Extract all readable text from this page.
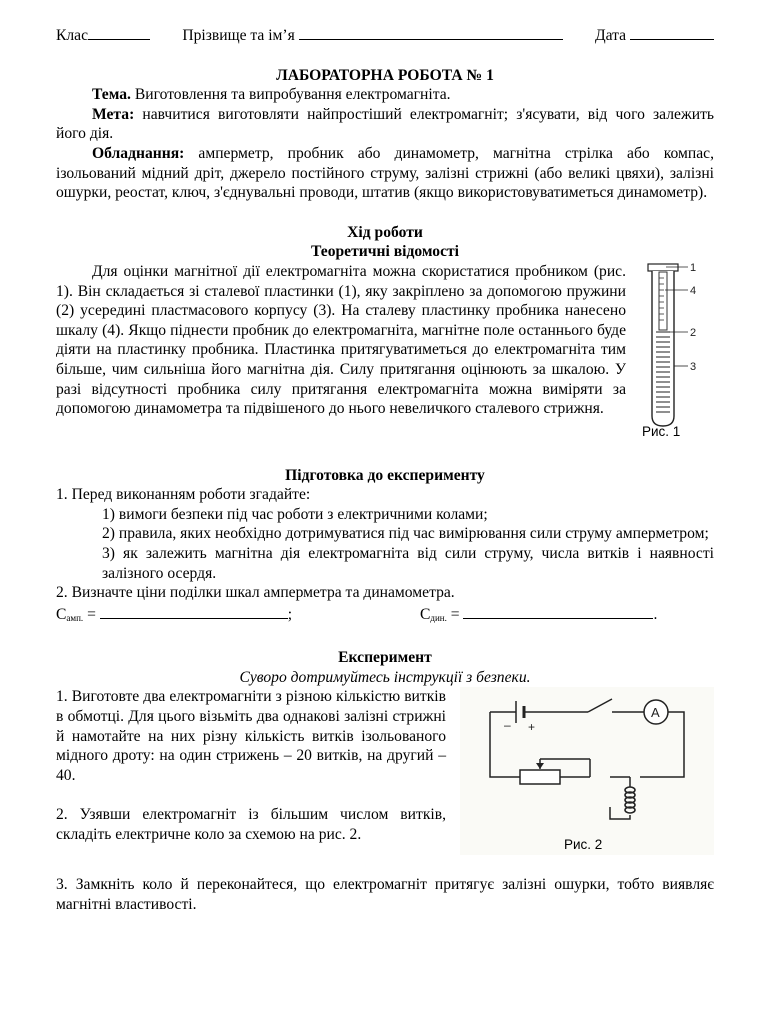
Клас	Прізвище та ім’я	Дата

ЛАБОРАТОРНА РОБОТА № 1

Тема. Виготовлення та випробування електромагніта.

Мета: навчитися виготовляти найпростіший електромагніт; з'ясувати, від чого залежить його дія.

Обладнання: амперметр, пробник або динамометр, магнітна стрілка або компас, ізольований мідний дріт, джерело постійного струму, залізні стрижні (або великі цвяхи), залізні ошурки, реостат, ключ, з'єднувальні проводи, штатив (якщо використовуватиметься динамометр).

Хід роботи

Теоретичні відомості

Для оцінки магнітної дії електромагніта можна скористатися пробником (рис. 1). Він складається зі сталевої пластинки (1), яку закріплено за допомогою пружини (2) усередині пластмасового корпусу (3). На сталеву пластинку пробника нанесено шкалу (4). Якщо піднести пробник до електромагніта, магнітне поле останнього буде діяти на пластинку пробника. Пластинка притягуватиметься до електромагніта тим більше, чим сильніша його магнітна дія. Силу притягання оцінюють за шкалою. У разі відсутності пробника силу притягання електромагніта можна виміряти за допомогою динамометра та підвішеного до нього невеличкого сталевого стрижня.

1
4
2
3
Рис. 1

Підготовка до експерименту

1. Перед виконанням роботи згадайте:

1) вимоги безпеки під час роботи з електричними колами;

2) правила, яких необхідно дотримуватися під час вимірювання сили струму амперметром;

3) як залежить магнітна дія електромагніта від сили струму, числа витків і наявності залізного осердя.

2. Визначте ціни поділки шкал амперметра та динамометра.

$C_{амп.}$ =	;	$C_{дин.}$ =	.

Експеримент

Суворо дотримуйтесь інструкції з безпеки.

1. Виготовте два електромагніти з різною кількістю витків в обмотці. Для цього візьміть два однакові залізні стрижні й намотайте на них різну кількість витків ізольованого мідного дроту: на один стрижень – 20 витків, на другий – 40.

2. Узявши електромагніт із більшим числом витків, складіть електричне коло за схемою на рис. 2.

A
– +
Рис. 2

3. Замкніть коло й переконайтеся, що електромагніт притягує залізні ошурки, тобто виявляє магнітні властивості.
